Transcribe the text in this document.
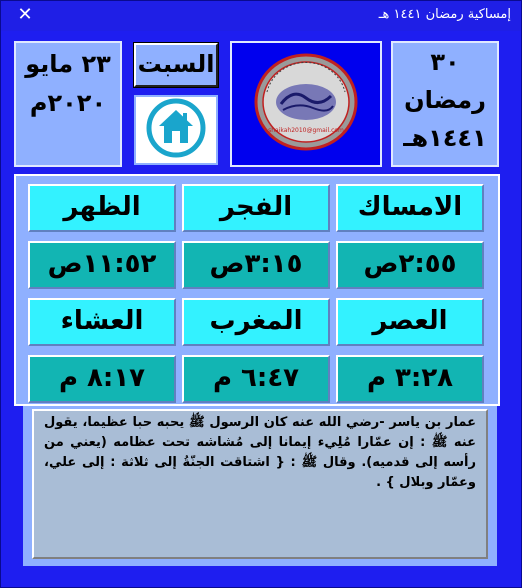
✕	إمساكية رمضان ١٤٤١ هـ
٢٣ مايو
٢٠٢٠م
السبت
shaikah2010@gmail.com
٣٠
رمضان
١٤٤١هـ
الامساك
الفجر
الظهر
٢:٥٥ص
٣:١٥ص
١١:٥٢ص
العصر
المغرب
العشاء
٣:٢٨ م
٦:٤٧ م
٨:١٧ م
عمار بن ياسر -رضي الله عنه كان الرسول ﷺ يحبه حبا عظيما، يقول عنه ﷺ : إن عمّارا مُلِيء إيمانا إلى مُشاشه تحت عظامه (يعني من رأسه إلى قدميه). وقال ﷺ : { اشتاقت الجنّةُ إلى ثلاثة : إلى علي، وعمّار وبلال } .
